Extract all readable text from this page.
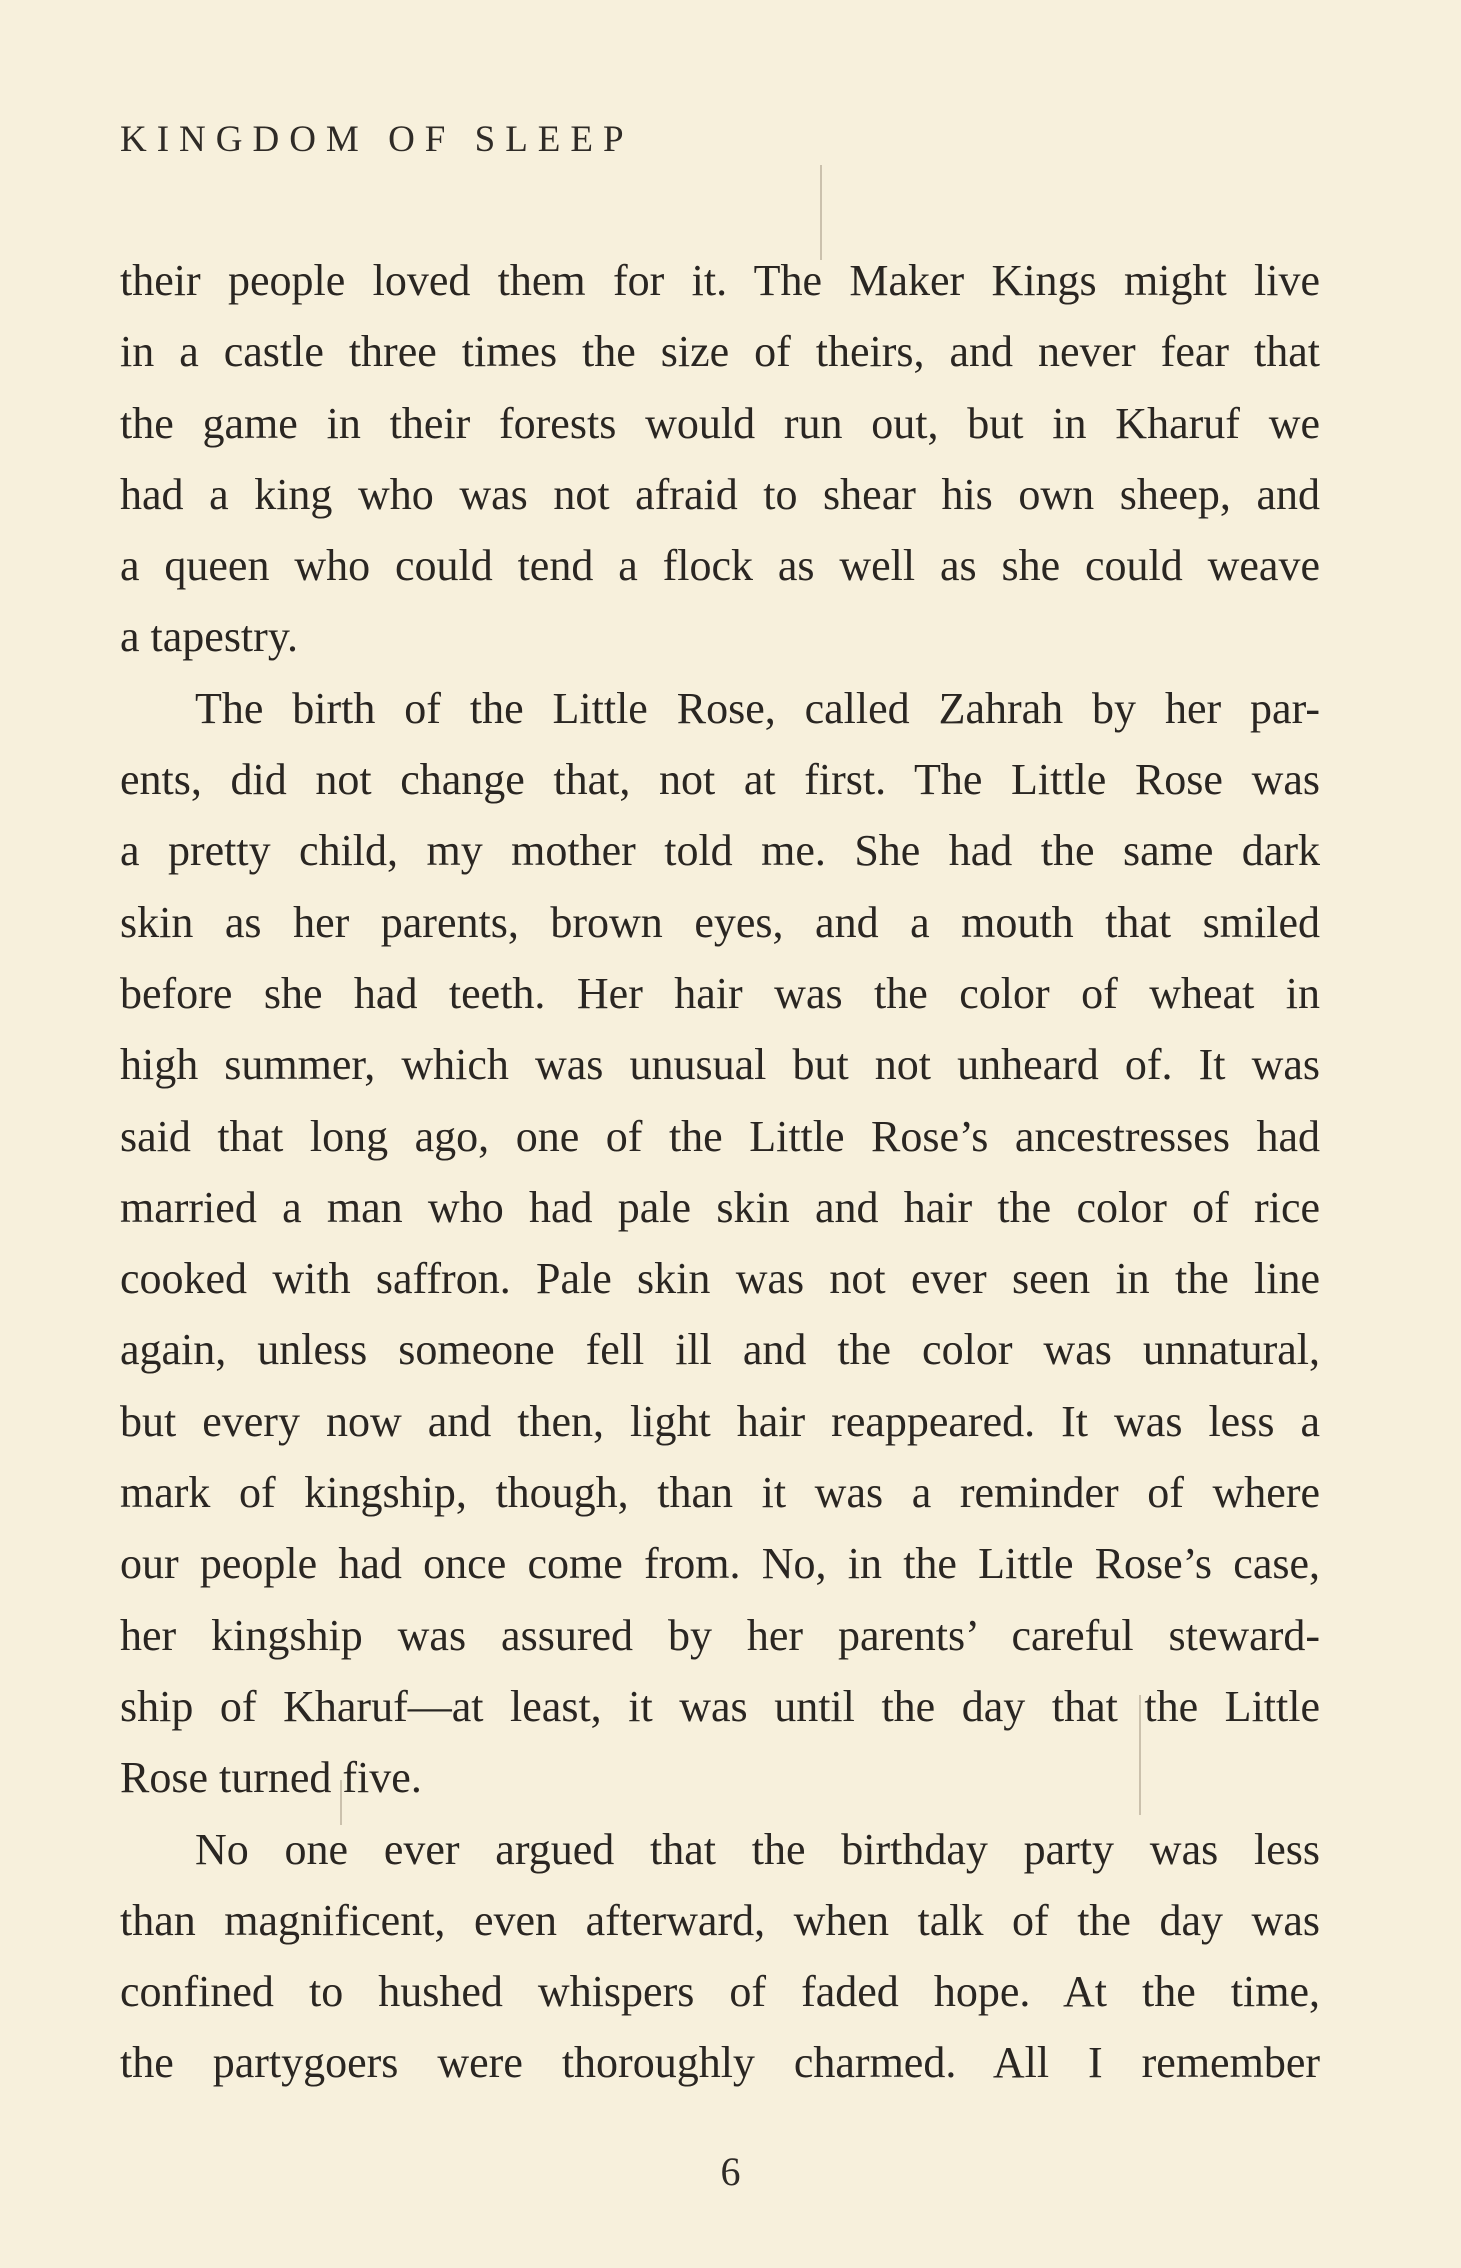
KINGDOM OF SLEEP
their people loved them for it. The Maker Kings might live
in a castle three times the size of theirs, and never fear that
the game in their forests would run out, but in Kharuf we
had a king who was not afraid to shear his own sheep, and
a queen who could tend a flock as well as she could weave
a tapestry.
The birth of the Little Rose, called Zahrah by her par-
ents, did not change that, not at first. The Little Rose was
a pretty child, my mother told me. She had the same dark
skin as her parents, brown eyes, and a mouth that smiled
before she had teeth. Her hair was the color of wheat in
high summer, which was unusual but not unheard of. It was
said that long ago, one of the Little Rose’s ancestresses had
married a man who had pale skin and hair the color of rice
cooked with saffron. Pale skin was not ever seen in the line
again, unless someone fell ill and the color was unnatural,
but every now and then, light hair reappeared. It was less a
mark of kingship, though, than it was a reminder of where
our people had once come from. No, in the Little Rose’s case,
her kingship was assured by her parents’ careful steward-
ship of Kharuf—at least, it was until the day that the Little
Rose turned five.
No one ever argued that the birthday party was less
than magnificent, even afterward, when talk of the day was
confined to hushed whispers of faded hope. At the time,
the partygoers were thoroughly charmed. All I remember
6
